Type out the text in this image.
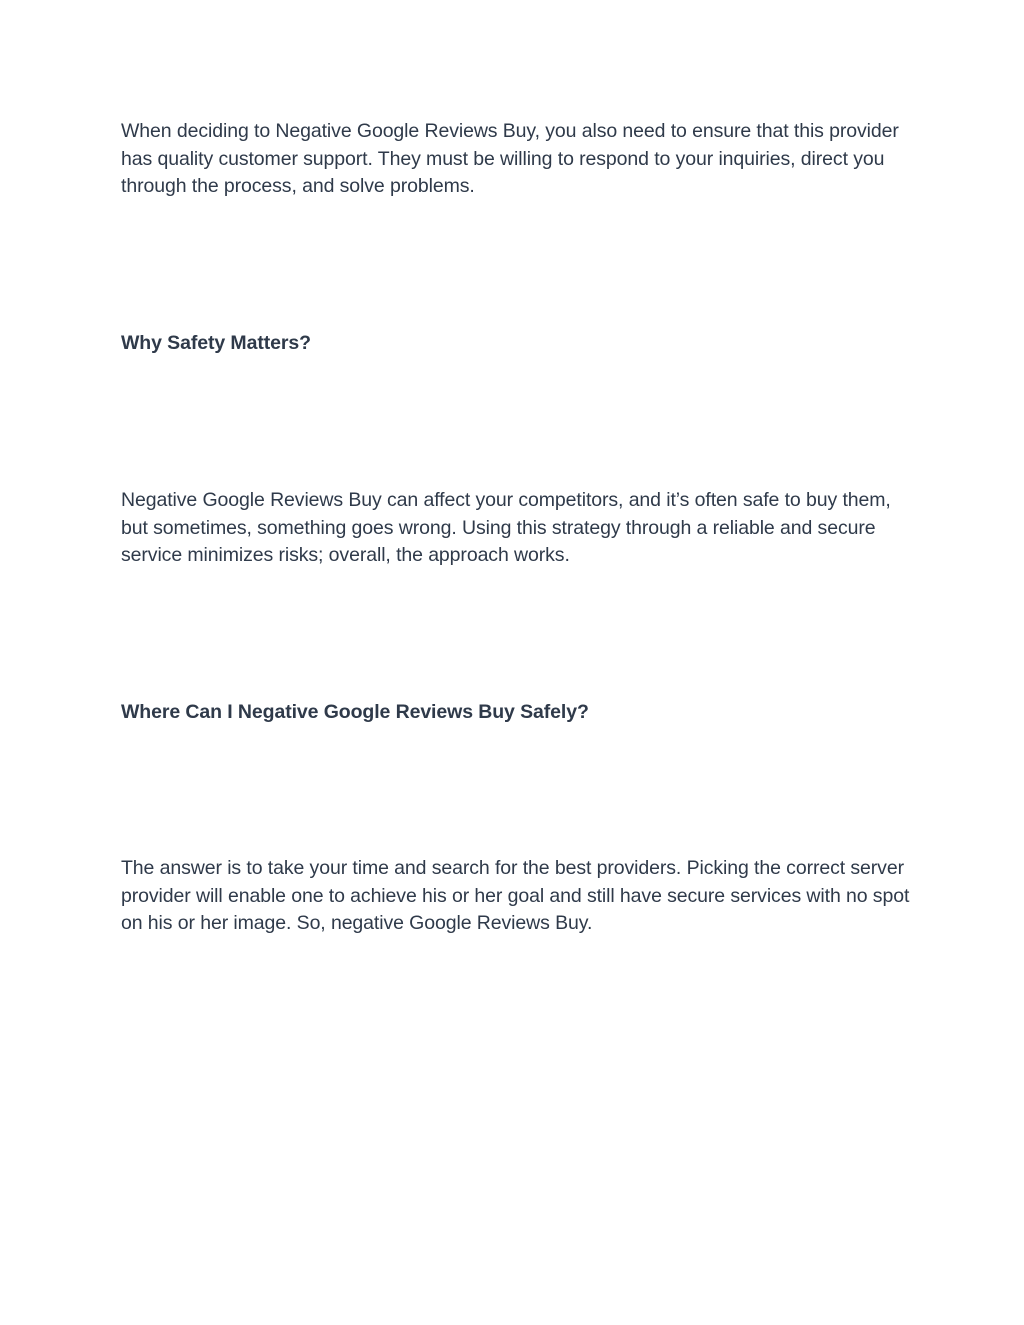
When deciding to Negative Google Reviews Buy, you also need to ensure that this provider has quality customer support. They must be willing to respond to your inquiries, direct you through the process, and solve problems.

Why Safety Matters?

Negative Google Reviews Buy can affect your competitors, and it’s often safe to buy them, but sometimes, something goes wrong. Using this strategy through a reliable and secure service minimizes risks; overall, the approach works.

Where Can I Negative Google Reviews Buy Safely?

The answer is to take your time and search for the best providers. Picking the correct server provider will enable one to achieve his or her goal and still have secure services with no spot on his or her image. So, negative Google Reviews Buy.
